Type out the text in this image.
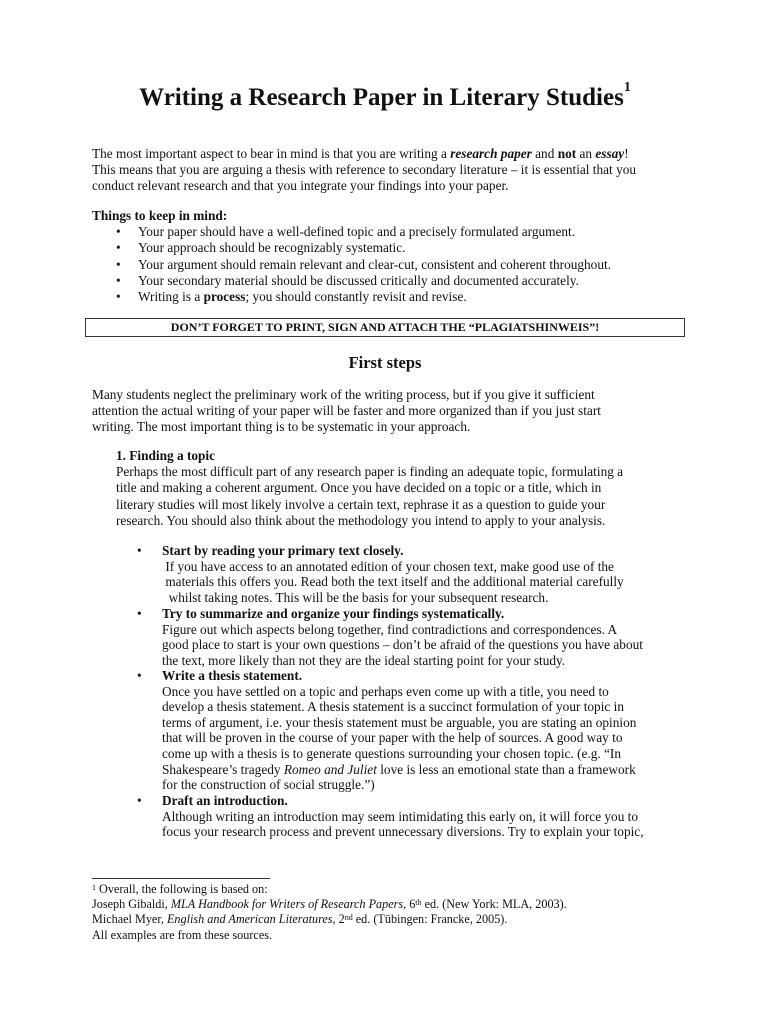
Writing a Research Paper in Literary Studies$^1$
The most important aspect to bear in mind is that you are writing a research paper and not an essay!
This means that you are arguing a thesis with reference to secondary literature – it is essential that you
conduct relevant research and that you integrate your findings into your paper.
Things to keep in mind:
• Your paper should have a well-defined topic and a precisely formulated argument.
• Your approach should be recognizably systematic.
• Your argument should remain relevant and clear-cut, consistent and coherent throughout.
• Your secondary material should be discussed critically and documented accurately.
• Writing is a process; you should constantly revisit and revise.
DON’T FORGET TO PRINT, SIGN AND ATTACH THE “PLAGIATSHINWEIS”!
First steps
Many students neglect the preliminary work of the writing process, but if you give it sufficient
attention the actual writing of your paper will be faster and more organized than if you just start
writing. The most important thing is to be systematic in your approach.
1. Finding a topic
Perhaps the most difficult part of any research paper is finding an adequate topic, formulating a
title and making a coherent argument. Once you have decided on a topic or a title, which in
literary studies will most likely involve a certain text, rephrase it as a question to guide your
research. You should also think about the methodology you intend to apply to your analysis.
• Start by reading your primary text closely.
If you have access to an annotated edition of your chosen text, make good use of the
materials this offers you. Read both the text itself and the additional material carefully
whilst taking notes. This will be the basis for your subsequent research.
• Try to summarize and organize your findings systematically.
Figure out which aspects belong together, find contradictions and correspondences. A
good place to start is your own questions – don’t be afraid of the questions you have about
the text, more likely than not they are the ideal starting point for your study.
• Write a thesis statement.
Once you have settled on a topic and perhaps even come up with a title, you need to
develop a thesis statement. A thesis statement is a succinct formulation of your topic in
terms of argument, i.e. your thesis statement must be arguable, you are stating an opinion
that will be proven in the course of your paper with the help of sources. A good way to
come up with a thesis is to generate questions surrounding your chosen topic. (e.g. “In
Shakespeare’s tragedy Romeo and Juliet love is less an emotional state than a framework
for the construction of social struggle.”)
• Draft an introduction.
Although writing an introduction may seem intimidating this early on, it will force you to
focus your research process and prevent unnecessary diversions. Try to explain your topic,
$^1$ Overall, the following is based on:
Joseph Gibaldi, MLA Handbook for Writers of Research Papers, 6th ed. (New York: MLA, 2003).
Michael Myer, English and American Literatures, 2nd ed. (Tübingen: Francke, 2005).
All examples are from these sources.
